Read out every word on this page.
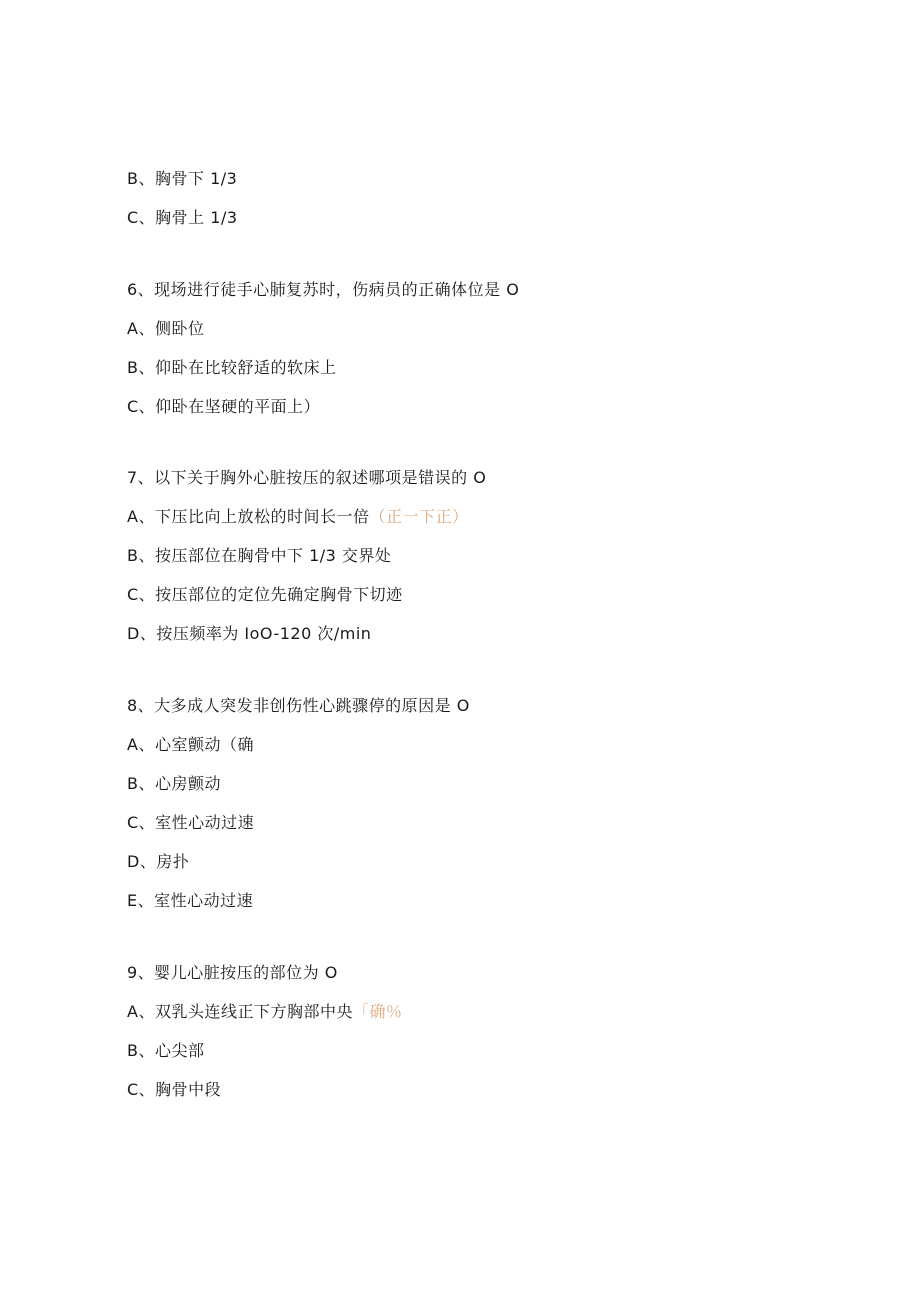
B、胸骨下 1/3
C、胸骨上 1/3
6、现场进行徒手心肺复苏时，伤病员的正确体位是 O
A、侧卧位
B、仰卧在比较舒适的软床上
C、仰卧在坚硬的平面上）
7、以下关于胸外心脏按压的叙述哪项是错误的 O
A、下压比向上放松的时间长一倍（正一下正）
B、按压部位在胸骨中下 1/3 交界处
C、按压部位的定位先确定胸骨下切迹
D、按压频率为 IoO-120 次/min
8、大多成人突发非创伤性心跳骤停的原因是 O
A、心室颤动（确
B、心房颤动
C、室性心动过速
D、房扑
E、室性心动过速
9、婴儿心脏按压的部位为 O
A、双乳头连线正下方胸部中央「确％
B、心尖部
C、胸骨中段
